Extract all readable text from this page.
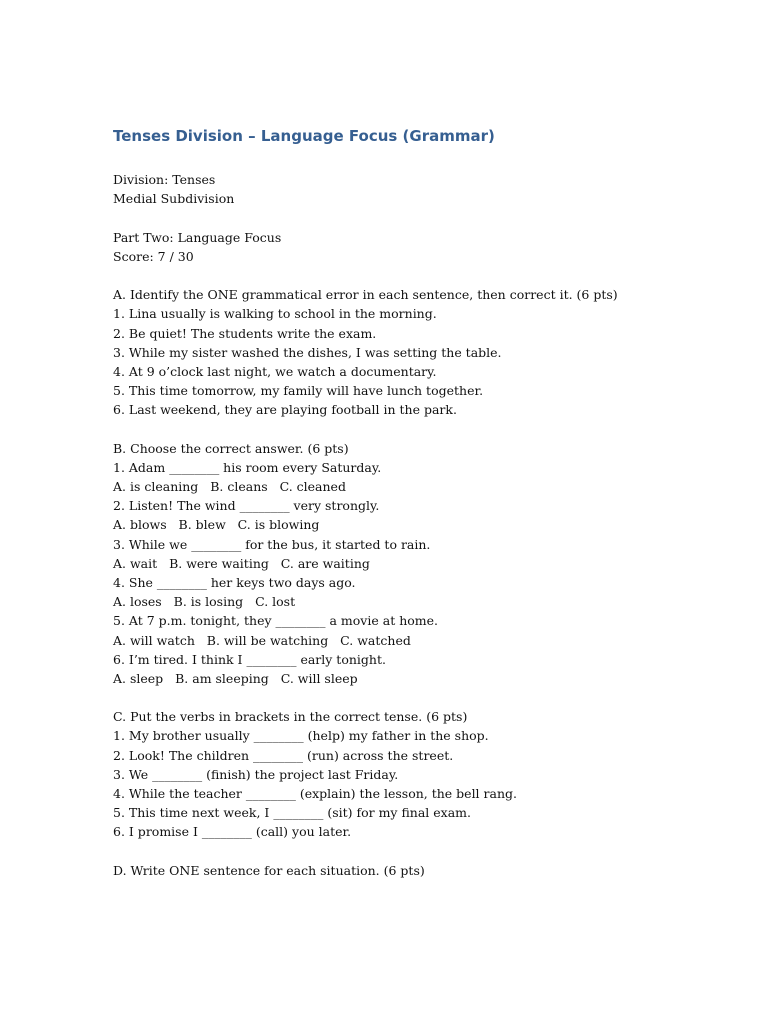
Tenses Division – Language Focus (Grammar)
Division: Tenses
Medial Subdivision
Part Two: Language Focus
Score: 7 / 30
A. Identify the ONE grammatical error in each sentence, then correct it. (6 pts)
1. Lina usually is walking to school in the morning.
2. Be quiet! The students write the exam.
3. While my sister washed the dishes, I was setting the table.
4. At 9 o’clock last night, we watch a documentary.
5. This time tomorrow, my family will have lunch together.
6. Last weekend, they are playing football in the park.
B. Choose the correct answer. (6 pts)
1. Adam ________ his room every Saturday.
A. is cleaning   B. cleans   C. cleaned
2. Listen! The wind ________ very strongly.
A. blows   B. blew   C. is blowing
3. While we ________ for the bus, it started to rain.
A. wait   B. were waiting   C. are waiting
4. She ________ her keys two days ago.
A. loses   B. is losing   C. lost
5. At 7 p.m. tonight, they ________ a movie at home.
A. will watch   B. will be watching   C. watched
6. I’m tired. I think I ________ early tonight.
A. sleep   B. am sleeping   C. will sleep
C. Put the verbs in brackets in the correct tense. (6 pts)
1. My brother usually ________ (help) my father in the shop.
2. Look! The children ________ (run) across the street.
3. We ________ (finish) the project last Friday.
4. While the teacher ________ (explain) the lesson, the bell rang.
5. This time next week, I ________ (sit) for my final exam.
6. I promise I ________ (call) you later.
D. Write ONE sentence for each situation. (6 pts)
